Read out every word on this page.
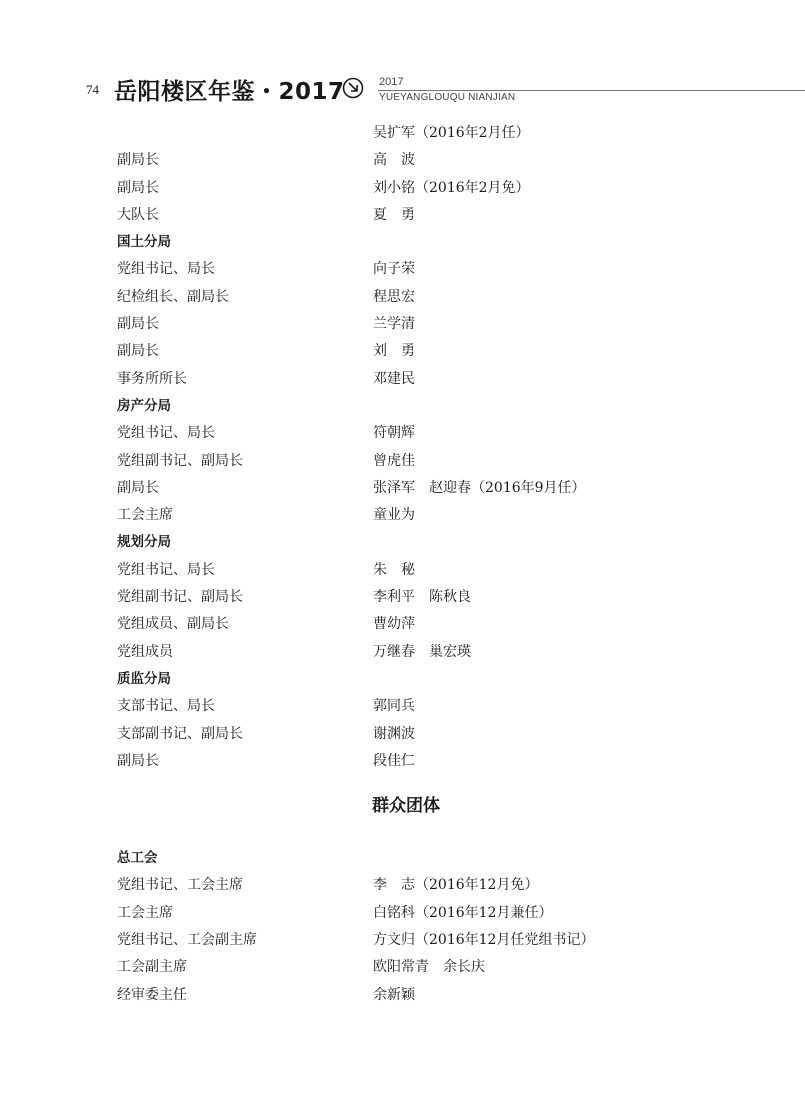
74 岳阳楼区年鉴・2017	2017
YUEYANGLOUQU NIANJIAN
吴扩军（2016年2月任）
副局长	高　波
副局长	刘小铭（2016年2月免）
大队长	夏　勇
国土分局
党组书记、局长	向子荣
纪检组长、副局长	程思宏
副局长	兰学清
副局长	刘　勇
事务所所长	邓建民
房产分局
党组书记、局长	符朝辉
党组副书记、副局长	曾虎佳
副局长	张泽军　赵迎春（2016年9月任）
工会主席	童业为
规划分局
党组书记、局长	朱　秘
党组副书记、副局长	李利平　陈秋良
党组成员、副局长	曹幼萍
党组成员	万继春　巢宏瑛
质监分局
支部书记、局长	郭同兵
支部副书记、副局长	谢渊波
副局长	段佳仁
群众团体
总工会
党组书记、工会主席	李　志（2016年12月免）
工会主席	白铭科（2016年12月兼任）
党组书记、工会副主席	方文归（2016年12月任党组书记）
工会副主席	欧阳常青　余长庆
经审委主任	余新颖
